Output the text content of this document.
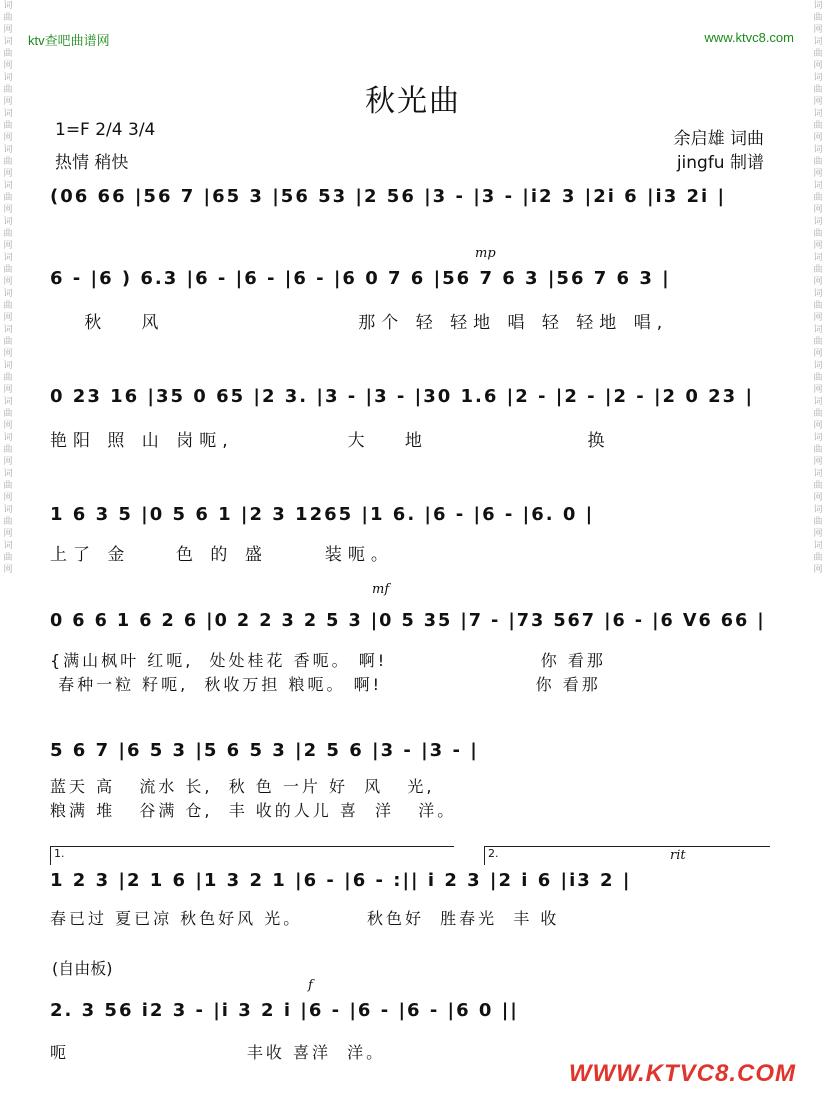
ktv查吧曲谱网	www.ktvc8.com
词曲网词曲网词曲网词曲网词曲网词曲网词曲网词曲网词曲网词曲网词曲网词曲网词曲网词曲网词曲网词曲网
词曲网词曲网词曲网词曲网词曲网词曲网词曲网词曲网词曲网词曲网词曲网词曲网词曲网词曲网词曲网词曲网
秋光曲
1=F 2/4 3/4
热情 稍快
余启雄 词曲
jingfu 制谱
(06 66 |56 7 |65 3 |56 53 |2 56 |3 - |3 - |i2 3 |2i 6 |i3 2i |
mp
6 - |6 ) 6.3 |6 - |6 - |6 - |6 0 7 6 |56 7 6 3 |56 7 6 3 |
秋   风                 那个 轻 轻地 唱 轻 轻地 唱,
0 23 16 |35 0 65 |2 3. |3 - |3 - |30 1.6 |2 - |2 - |2 - |2 0 23 |
艳阳 照 山 岗呃,          大   地              换
1 6 3 5 |0 5 6 1 |2 3 1265 |1 6. |6 - |6 - |6. 0 |
上了 金    色 的 盛     装呃。
mf
0 6 6 1 6 2 6 |0 2 2 3 2 5 3 |0 5 35 |7 - |73 567 |6 - |6 V6 66 |
{满山枫叶 红呃,  处处桂花 香呃。 啊!                   你 看那
春种一粒 籽呃,  秋收万担 粮呃。 啊!                   你 看那
5 6 7 |6 5 3 |5 6 5 3 |2 5 6 |3 - |3 - |
蓝天 高   流水 长,  秋 色 一片 好  风   光,
粮满 堆   谷满 仓,  丰 收的人儿 喜  洋   洋。
1.	2.	rit
1 2 3 |2 1 6 |1 3 2 1 |6 - |6 - :|| i 2 3 |2 i 6 |i3 2 |
春已过 夏已凉 秋色好风 光。        秋色好  胜春光  丰 收
(自由板)
f
2. 3 56 i2 3 - |i 3 2 i |6 - |6 - |6 - |6 0 ||
呃                      丰收 喜洋  洋。
WWW.KTVC8.COM
